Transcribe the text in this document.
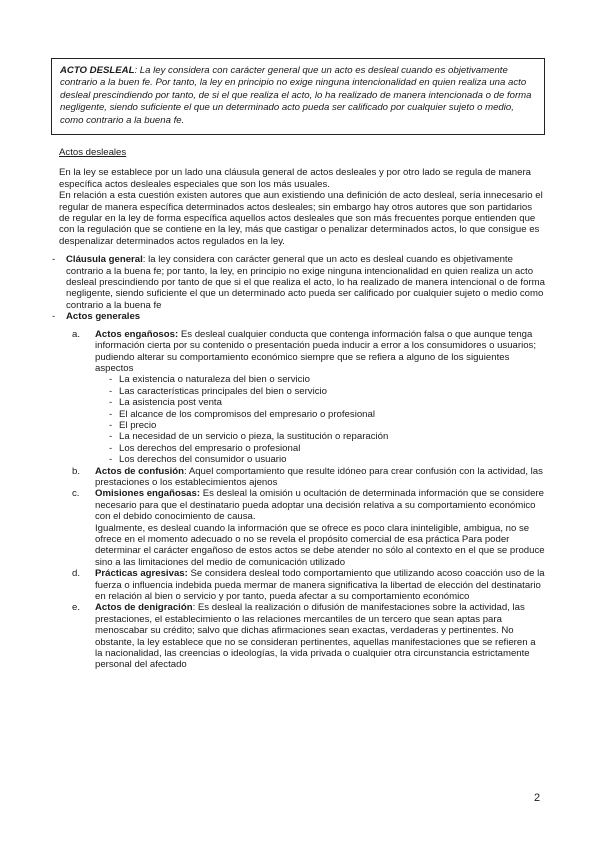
ACTO DESLEAL: La ley considera con carácter general que un acto es desleal cuando es objetivamente contrario a la buen fe. Por tanto, la ley en principio no exige ninguna intencionalidad en quien realiza una acto desleal prescindiendo por tanto, de si el que realiza el acto, lo ha realizado de manera intencionada o de forma negligente, siendo suficiente el que un determinado acto pueda ser calificado por cualquier sujeto o medio, como contrario a la buena fe.

Actos desleales

En la ley se establece por un lado una cláusula general de actos desleales y por otro lado se regula de manera específica actos desleales especiales que son los más usuales.

En relación a esta cuestión existen autores que aun existiendo una definición de acto desleal, sería innecesario el regular de manera específica determinados actos desleales; sin embargo hay otros autores que son partidarios de regular en la ley de forma específica aquellos actos desleales que son más frecuentes porque entienden que con la regulación que se contiene en la ley, más que castigar o penalizar determinados actos, lo que consigue es despenalizar determinados actos regulados en la ley.

- Cláusula general: la ley considera con carácter general que un acto es desleal cuando es objetivamente contrario a la buena fe; por tanto, la ley, en principio no exige ninguna intencionalidad en quien realiza un acto desleal prescindiendo por tanto de que si el que realiza el acto, lo ha realizado de manera intencional o de forma negligente, siendo suficiente el que un determinado acto pueda ser calificado por cualquier sujeto o medio como contrario a la buena fe
- Actos generales
a. Actos engañosos: Es desleal cualquier conducta que contenga información falsa o que aunque tenga información cierta por su contenido o presentación pueda inducir a error a los consumidores o usuarios; pudiendo alterar su comportamiento económico siempre que se refiera a alguno de los siguientes aspectos
- La existencia o naturaleza del bien o servicio
- Las características principales del bien o servicio
- La asistencia post venta
- El alcance de los compromisos del empresario o profesional
- El precio
- La necesidad de un servicio o pieza, la sustitución o reparación
- Los derechos del empresario o profesional
- Los derechos del consumidor o usuario
b. Actos de confusión: Aquel comportamiento que resulte idóneo para crear confusión con la actividad, las prestaciones o los establecimientos ajenos
c. Omisiones engañosas: Es desleal la omisión u ocultación de determinada información que se considere necesario para que el destinatario pueda adoptar una decisión relativa a su comportamiento económico con el debido conocimiento de causa.

Igualmente, es desleal cuando la información que se ofrece es poco clara ininteligible, ambigua, no se ofrece en el momento adecuado o no se revela el propósito comercial de esa práctica Para poder determinar el carácter engañoso de estos actos se debe atender no sólo al contexto en el que se produce sino a las limitaciones del medio de comunicación utilizado

d. Prácticas agresivas: Se considera desleal todo comportamiento que utilizando acoso coacción uso de la fuerza o influencia indebida pueda mermar de manera significativa la libertad de elección del destinatario en relación al bien o servicio y por tanto, pueda afectar a su comportamiento económico
e. Actos de denigración: Es desleal la realización o difusión de manifestaciones sobre la actividad, las prestaciones, el establecimiento o las relaciones mercantiles de un tercero que sean aptas para menoscabar su crédito; salvo que dichas afirmaciones sean exactas, verdaderas y pertinentes. No obstante, la ley establece que no se consideran pertinentes, aquellas manifestaciones que se refieren a la nacionalidad, las creencias o ideologías, la vida privada o cualquier otra circunstancia estrictamente personal del afectado
2
